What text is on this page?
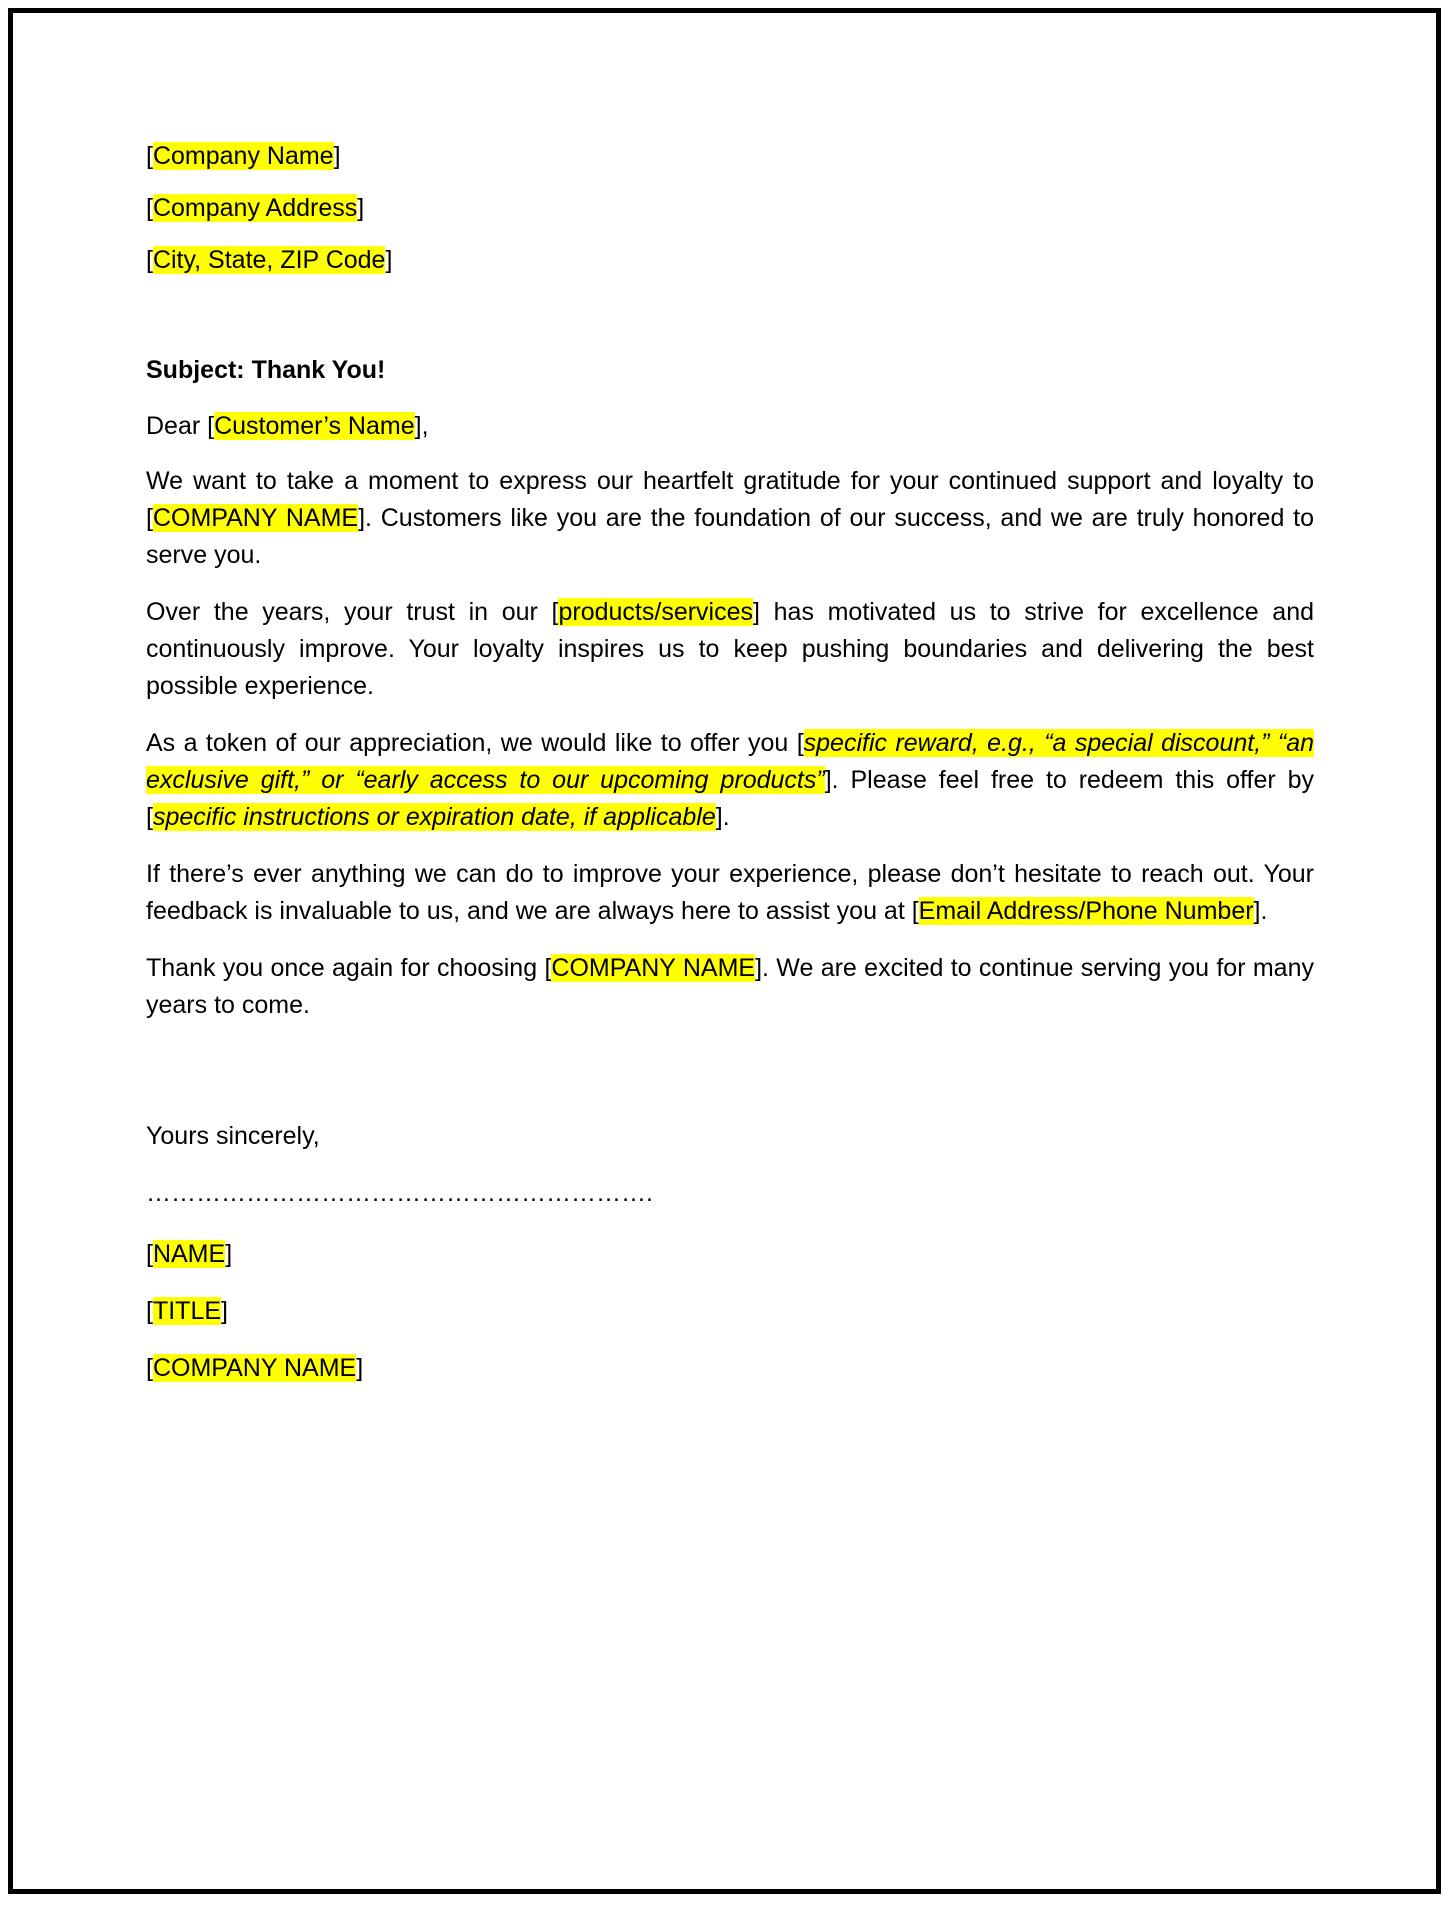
[Company Name]

[Company Address]

[City, State, ZIP Code]

Subject: Thank You!

Dear [Customer’s Name],

We want to take a moment to express our heartfelt gratitude for your continued support and loyalty to [COMPANY NAME]. Customers like you are the foundation of our success, and we are truly honored to serve you.

Over the years, your trust in our [products/services] has motivated us to strive for excellence and continuously improve. Your loyalty inspires us to keep pushing boundaries and delivering the best possible experience.

As a token of our appreciation, we would like to offer you [specific reward, e.g., “a special discount,” “an exclusive gift,” or “early access to our upcoming products”]. Please feel free to redeem this offer by [specific instructions or expiration date, if applicable].

If there’s ever anything we can do to improve your experience, please don’t hesitate to reach out. Your feedback is invaluable to us, and we are always here to assist you at [Email Address/Phone Number].

Thank you once again for choosing [COMPANY NAME]. We are excited to continue serving you for many years to come.

Yours sincerely,

…………………………………………………….

[NAME]

[TITLE]

[COMPANY NAME]
